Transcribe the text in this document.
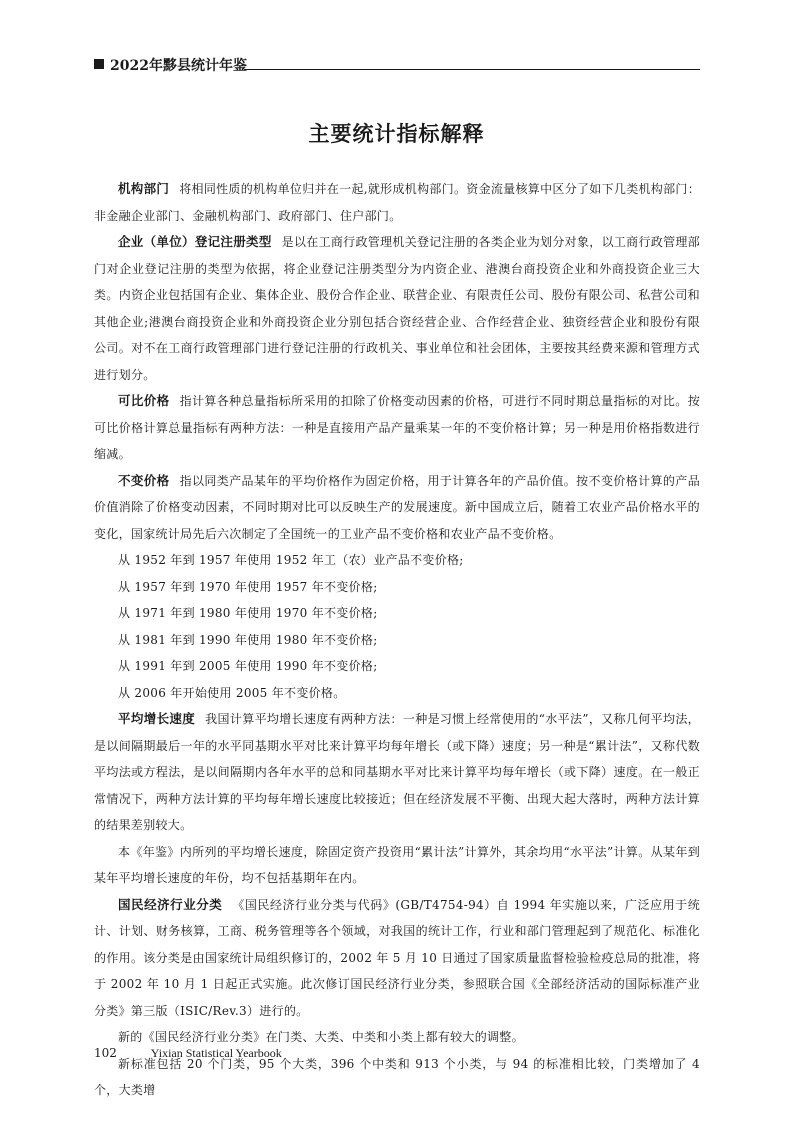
2022年黟县统计年鉴
主要统计指标解释

机构部门 将相同性质的机构单位归并在一起,就形成机构部门。资金流量核算中区分了如下几类机构部门：非金融企业部门、金融机构部门、政府部门、住户部门。

企业（单位）登记注册类型 是以在工商行政管理机关登记注册的各类企业为划分对象，以工商行政管理部门对企业登记注册的类型为依据，将企业登记注册类型分为内资企业、港澳台商投资企业和外商投资企业三大类。内资企业包括国有企业、集体企业、股份合作企业、联营企业、有限责任公司、股份有限公司、私营公司和其他企业;港澳台商投资企业和外商投资企业分别包括合资经营企业、合作经营企业、独资经营企业和股份有限公司。对不在工商行政管理部门进行登记注册的行政机关、事业单位和社会团体，主要按其经费来源和管理方式进行划分。

可比价格 指计算各种总量指标所采用的扣除了价格变动因素的价格，可进行不同时期总量指标的对比。按可比价格计算总量指标有两种方法：一种是直接用产品产量乘某一年的不变价格计算；另一种是用价格指数进行缩减。

不变价格 指以同类产品某年的平均价格作为固定价格，用于计算各年的产品价值。按不变价格计算的产品价值消除了价格变动因素，不同时期对比可以反映生产的发展速度。新中国成立后，随着工农业产品价格水平的变化，国家统计局先后六次制定了全国统一的工业产品不变价格和农业产品不变价格。

从 1952 年到 1957 年使用 1952 年工（农）业产品不变价格;

从 1957 年到 1970 年使用 1957 年不变价格;

从 1971 年到 1980 年使用 1970 年不变价格;

从 1981 年到 1990 年使用 1980 年不变价格;

从 1991 年到 2005 年使用 1990 年不变价格;

从 2006 年开始使用 2005 年不变价格。

平均增长速度 我国计算平均增长速度有两种方法：一种是习惯上经常使用的“水平法”，又称几何平均法，是以间隔期最后一年的水平同基期水平对比来计算平均每年增长（或下降）速度；另一种是“累计法”，又称代数平均法或方程法，是以间隔期内各年水平的总和同基期水平对比来计算平均每年增长（或下降）速度。在一般正常情况下，两种方法计算的平均每年增长速度比较接近；但在经济发展不平衡、出现大起大落时，两种方法计算的结果差别较大。

本《年鉴》内所列的平均增长速度，除固定资产投资用“累计法”计算外，其余均用“水平法”计算。从某年到某年平均增长速度的年份，均不包括基期年在内。

国民经济行业分类 《国民经济行业分类与代码》(GB/T4754-94）自 1994 年实施以来，广泛应用于统计、计划、财务核算，工商、税务管理等各个领域，对我国的统计工作，行业和部门管理起到了规范化、标准化的作用。该分类是由国家统计局组织修订的，2002 年 5 月 10 日通过了国家质量监督检验检疫总局的批准，将于 2002 年 10 月 1 日起正式实施。此次修订国民经济行业分类，参照联合国《全部经济活动的国际标准产业分类》第三版（ISIC/Rev.3）进行的。

新的《国民经济行业分类》在门类、大类、中类和小类上都有较大的调整。

新标准包括 20 个门类，95 个大类，396 个中类和 913 个小类，与 94 的标准相比较，门类增加了 4 个，大类增

102	Yixian Statistical Yearbook
